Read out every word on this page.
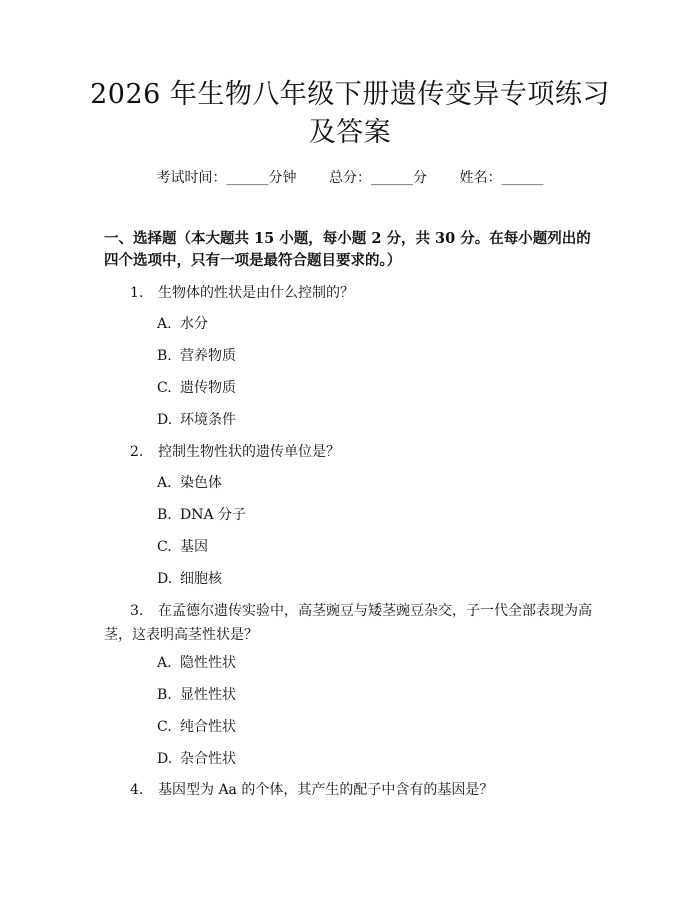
2026 年生物八年级下册遗传变异专项练习及答案
考试时间：______分钟 总分：______分 姓名：______

一、选择题（本大题共 15 小题，每小题 2 分，共 30 分。在每小题列出的四个选项中，只有一项是最符合题目要求的。）

1. 生物体的性状是由什么控制的？

A. 水分

B. 营养物质

C. 遗传物质

D. 环境条件

2. 控制生物性状的遗传单位是？

A. 染色体

B. DNA 分子

C. 基因

D. 细胞核

3. 在孟德尔遗传实验中，高茎豌豆与矮茎豌豆杂交，子一代全部表现为高茎，这表明高茎性状是？

A. 隐性性状

B. 显性性状

C. 纯合性状

D. 杂合性状

4. 基因型为 Aa 的个体，其产生的配子中含有的基因是？
